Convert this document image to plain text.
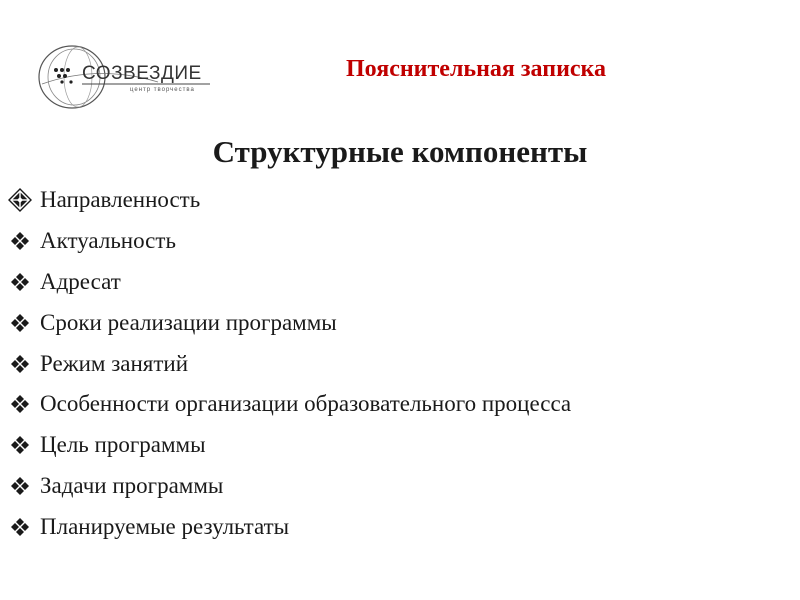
СОЗВЕЗДИЕ
центр творчества
Пояснительная записка
Структурные компоненты
Направленность
Актуальность
Адресат
Сроки реализации программы
Режим занятий
Особенности организации образовательного процесса
Цель программы
Задачи программы
Планируемые результаты
